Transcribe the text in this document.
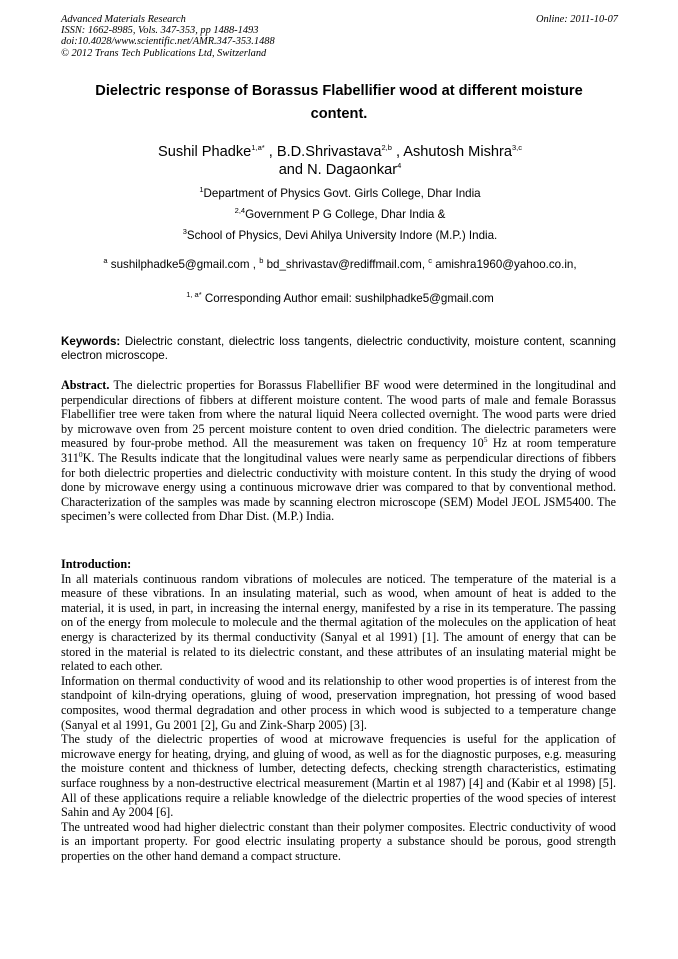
Advanced Materials Research
ISSN: 1662-8985, Vols. 347-353, pp 1488-1493
doi:10.4028/www.scientific.net/AMR.347-353.1488
© 2012 Trans Tech Publications Ltd, Switzerland
Online: 2011-10-07
Dielectric response of Borassus Flabellifier wood at different moisture
content.
Sushil Phadke$^{1,a*}$ , B.D.Shrivastava$^{2,b}$ , Ashutosh Mishra$^{3,c}$
and N. Dagaonkar$^4$
$^1$Department of Physics Govt. Girls College, Dhar India
$^{2,4}$Government P G College, Dhar India &
$^3$School of Physics, Devi Ahilya University Indore (M.P.) India.
$^a$ sushilphadke5@gmail.com , $^b$ bd_shrivastav@rediffmail.com, $^c$ amishra1960@yahoo.co.in,
$^{1, a*}$ Corresponding Author email: sushilphadke5@gmail.com
Keywords: Dielectric constant, dielectric loss tangents, dielectric conductivity, moisture content, scanning electron microscope.

Abstract. The dielectric properties for Borassus Flabellifier BF wood were determined in the longitudinal and perpendicular directions of fibbers at different moisture content. The wood parts of male and female Borassus Flabellifier tree were taken from where the natural liquid Neera collected overnight. The wood parts were dried by microwave oven from 25 percent moisture content to oven dried condition. The dielectric parameters were measured by four-probe method. All the measurement was taken on frequency $10^5$ Hz at room temperature $311^0K$. The Results indicate that the longitudinal values were nearly same as perpendicular directions of fibbers for both dielectric properties and dielectric conductivity with moisture content. In this study the drying of wood done by microwave energy using a continuous microwave drier was compared to that by conventional method. Characterization of the samples was made by scanning electron microscope (SEM) Model JEOL JSM5400. The specimen’s were collected from Dhar Dist. (M.P.) India.

Introduction:

In all materials continuous random vibrations of molecules are noticed. The temperature of the material is a measure of these vibrations. In an insulating material, such as wood, when amount of heat is added to the material, it is used, in part, in increasing the internal energy, manifested by a rise in its temperature. The passing on of the energy from molecule to molecule and the thermal agitation of the molecules on the application of heat energy is characterized by its thermal conductivity (Sanyal et al 1991) [1]. The amount of energy that can be stored in the material is related to its dielectric constant, and these attributes of an insulating material might be related to each other.

Information on thermal conductivity of wood and its relationship to other wood properties is of interest from the standpoint of kiln-drying operations, gluing of wood, preservation impregnation, hot pressing of wood based composites, wood thermal degradation and other process in which wood is subjected to a temperature change (Sanyal et al 1991, Gu 2001 [2], Gu and Zink-Sharp 2005) [3].

The study of the dielectric properties of wood at microwave frequencies is useful for the application of microwave energy for heating, drying, and gluing of wood, as well as for the diagnostic purposes, e.g. measuring the moisture content and thickness of lumber, detecting defects, checking strength characteristics, estimating surface roughness by a non-destructive electrical measurement (Martin et al 1987) [4] and (Kabir et al 1998) [5]. All of these applications require a reliable knowledge of the dielectric properties of the wood species of interest Sahin and Ay 2004 [6].

The untreated wood had higher dielectric constant than their polymer composites. Electric conductivity of wood is an important property. For good electric insulating property a substance should be porous, good strength properties on the other hand demand a compact structure.
